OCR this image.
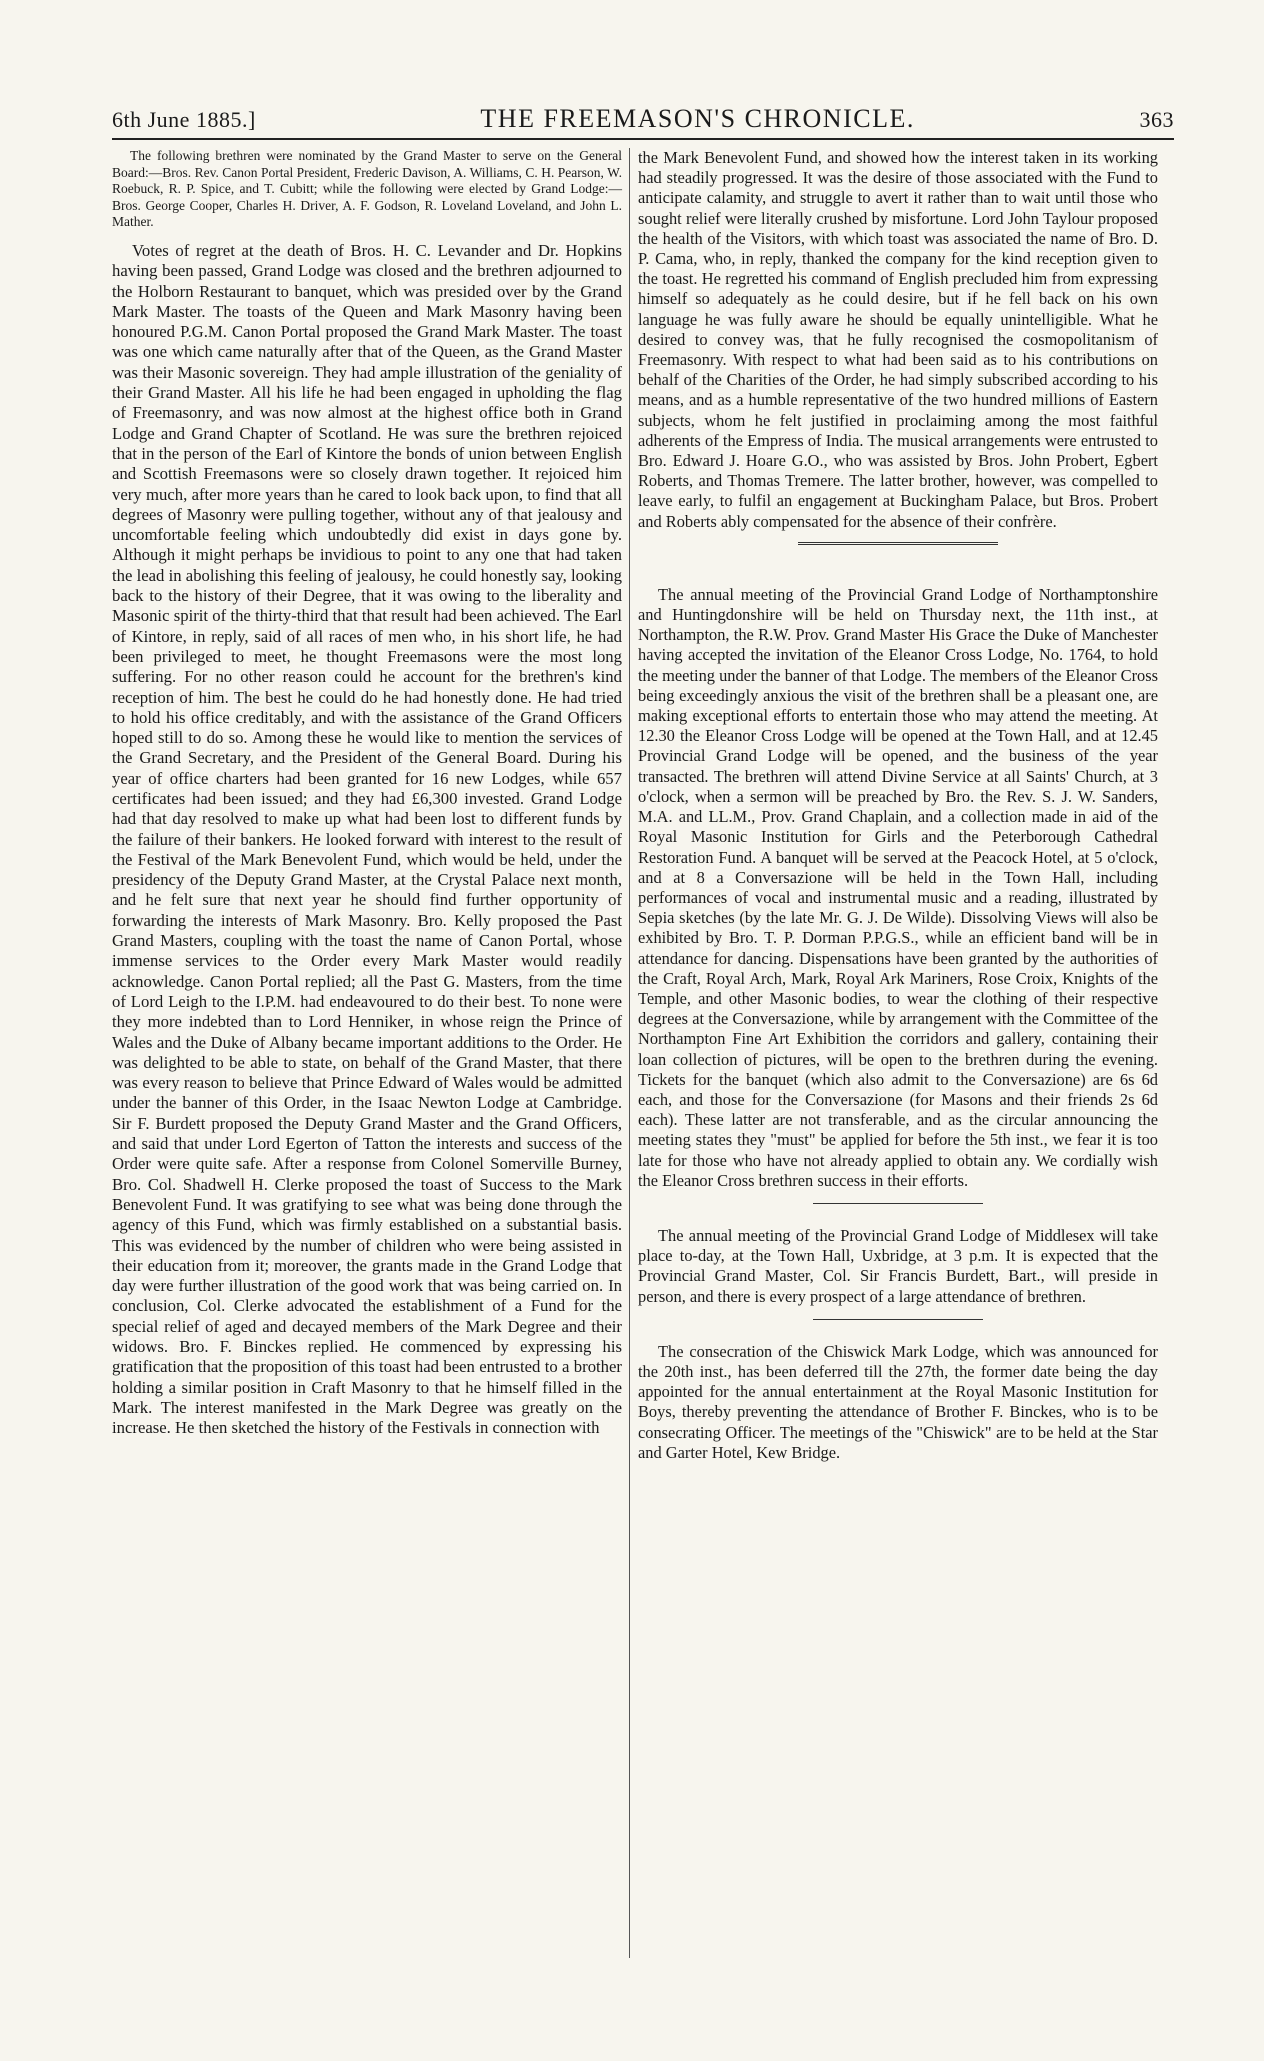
6th June 1885.]	THE FREEMASON'S CHRONICLE.	363

The following brethren were nominated by the Grand Master to serve on the General Board:—Bros. Rev. Canon Portal President, Frederic Davison, A. Williams, C. H. Pearson, W. Roebuck, R. P. Spice, and T. Cubitt; while the following were elected by Grand Lodge:—Bros. George Cooper, Charles H. Driver, A. F. Godson, R. Loveland Loveland, and John L. Mather.

Votes of regret at the death of Bros. H. C. Levander and Dr. Hopkins having been passed, Grand Lodge was closed and the brethren adjourned to the Holborn Restaurant to banquet, which was presided over by the Grand Mark Master. The toasts of the Queen and Mark Masonry having been honoured P.G.M. Canon Portal proposed the Grand Mark Master. The toast was one which came naturally after that of the Queen, as the Grand Master was their Masonic sovereign. They had ample illustration of the geniality of their Grand Master. All his life he had been engaged in upholding the flag of Freemasonry, and was now almost at the highest office both in Grand Lodge and Grand Chapter of Scotland. He was sure the brethren rejoiced that in the person of the Earl of Kintore the bonds of union between English and Scottish Freemasons were so closely drawn together. It rejoiced him very much, after more years than he cared to look back upon, to find that all degrees of Masonry were pulling together, without any of that jealousy and uncomfortable feeling which undoubtedly did exist in days gone by. Although it might perhaps be invidious to point to any one that had taken the lead in abolishing this feeling of jealousy, he could honestly say, looking back to the history of their Degree, that it was owing to the liberality and Masonic spirit of the thirty-third that that result had been achieved. The Earl of Kintore, in reply, said of all races of men who, in his short life, he had been privileged to meet, he thought Freemasons were the most long suffering. For no other reason could he account for the brethren's kind reception of him. The best he could do he had honestly done. He had tried to hold his office creditably, and with the assistance of the Grand Officers hoped still to do so. Among these he would like to mention the services of the Grand Secretary, and the President of the General Board. During his year of office charters had been granted for 16 new Lodges, while 657 certificates had been issued; and they had £6,300 invested. Grand Lodge had that day resolved to make up what had been lost to different funds by the failure of their bankers. He looked forward with interest to the result of the Festival of the Mark Benevolent Fund, which would be held, under the presidency of the Deputy Grand Master, at the Crystal Palace next month, and he felt sure that next year he should find further opportunity of forwarding the interests of Mark Masonry. Bro. Kelly proposed the Past Grand Masters, coupling with the toast the name of Canon Portal, whose immense services to the Order every Mark Master would readily acknowledge. Canon Portal replied; all the Past G. Masters, from the time of Lord Leigh to the I.P.M. had endeavoured to do their best. To none were they more indebted than to Lord Henniker, in whose reign the Prince of Wales and the Duke of Albany became important additions to the Order. He was delighted to be able to state, on behalf of the Grand Master, that there was every reason to believe that Prince Edward of Wales would be admitted under the banner of this Order, in the Isaac Newton Lodge at Cambridge. Sir F. Burdett proposed the Deputy Grand Master and the Grand Officers, and said that under Lord Egerton of Tatton the interests and success of the Order were quite safe. After a response from Colonel Somerville Burney, Bro. Col. Shadwell H. Clerke proposed the toast of Success to the Mark Benevolent Fund. It was gratifying to see what was being done through the agency of this Fund, which was firmly established on a substantial basis. This was evidenced by the number of children who were being assisted in their education from it; moreover, the grants made in the Grand Lodge that day were further illustration of the good work that was being carried on. In conclusion, Col. Clerke advocated the establishment of a Fund for the special relief of aged and decayed members of the Mark Degree and their widows. Bro. F. Binckes replied. He commenced by expressing his gratification that the proposition of this toast had been entrusted to a brother holding a similar position in Craft Masonry to that he himself filled in the Mark. The interest manifested in the Mark Degree was greatly on the increase. He then sketched the history of the Festivals in connection with

the Mark Benevolent Fund, and showed how the interest taken in its working had steadily progressed. It was the desire of those associated with the Fund to anticipate calamity, and struggle to avert it rather than to wait until those who sought relief were literally crushed by misfortune. Lord John Taylour proposed the health of the Visitors, with which toast was associated the name of Bro. D. P. Cama, who, in reply, thanked the company for the kind reception given to the toast. He regretted his command of English precluded him from expressing himself so adequately as he could desire, but if he fell back on his own language he was fully aware he should be equally unintelligible. What he desired to convey was, that he fully recognised the cosmopolitanism of Freemasonry. With respect to what had been said as to his contributions on behalf of the Charities of the Order, he had simply subscribed according to his means, and as a humble representative of the two hundred millions of Eastern subjects, whom he felt justified in proclaiming among the most faithful adherents of the Empress of India. The musical arrangements were entrusted to Bro. Edward J. Hoare G.O., who was assisted by Bros. John Probert, Egbert Roberts, and Thomas Tremere. The latter brother, however, was compelled to leave early, to fulfil an engagement at Buckingham Palace, but Bros. Probert and Roberts ably compensated for the absence of their confrère.

The annual meeting of the Provincial Grand Lodge of Northamptonshire and Huntingdonshire will be held on Thursday next, the 11th inst., at Northampton, the R.W. Prov. Grand Master His Grace the Duke of Manchester having accepted the invitation of the Eleanor Cross Lodge, No. 1764, to hold the meeting under the banner of that Lodge. The members of the Eleanor Cross being exceedingly anxious the visit of the brethren shall be a pleasant one, are making exceptional efforts to entertain those who may attend the meeting. At 12.30 the Eleanor Cross Lodge will be opened at the Town Hall, and at 12.45 Provincial Grand Lodge will be opened, and the business of the year transacted. The brethren will attend Divine Service at all Saints' Church, at 3 o'clock, when a sermon will be preached by Bro. the Rev. S. J. W. Sanders, M.A. and LL.M., Prov. Grand Chaplain, and a collection made in aid of the Royal Masonic Institution for Girls and the Peterborough Cathedral Restoration Fund. A banquet will be served at the Peacock Hotel, at 5 o'clock, and at 8 a Conversazione will be held in the Town Hall, including performances of vocal and instrumental music and a reading, illustrated by Sepia sketches (by the late Mr. G. J. De Wilde). Dissolving Views will also be exhibited by Bro. T. P. Dorman P.P.G.S., while an efficient band will be in attendance for dancing. Dispensations have been granted by the authorities of the Craft, Royal Arch, Mark, Royal Ark Mariners, Rose Croix, Knights of the Temple, and other Masonic bodies, to wear the clothing of their respective degrees at the Conversazione, while by arrangement with the Committee of the Northampton Fine Art Exhibition the corridors and gallery, containing their loan collection of pictures, will be open to the brethren during the evening. Tickets for the banquet (which also admit to the Conversazione) are 6s 6d each, and those for the Conversazione (for Masons and their friends 2s 6d each). These latter are not transferable, and as the circular announcing the meeting states they "must" be applied for before the 5th inst., we fear it is too late for those who have not already applied to obtain any. We cordially wish the Eleanor Cross brethren success in their efforts.

The annual meeting of the Provincial Grand Lodge of Middlesex will take place to-day, at the Town Hall, Uxbridge, at 3 p.m. It is expected that the Provincial Grand Master, Col. Sir Francis Burdett, Bart., will preside in person, and there is every prospect of a large attendance of brethren.

The consecration of the Chiswick Mark Lodge, which was announced for the 20th inst., has been deferred till the 27th, the former date being the day appointed for the annual entertainment at the Royal Masonic Institution for Boys, thereby preventing the attendance of Brother F. Binckes, who is to be consecrating Officer. The meetings of the "Chiswick" are to be held at the Star and Garter Hotel, Kew Bridge.
